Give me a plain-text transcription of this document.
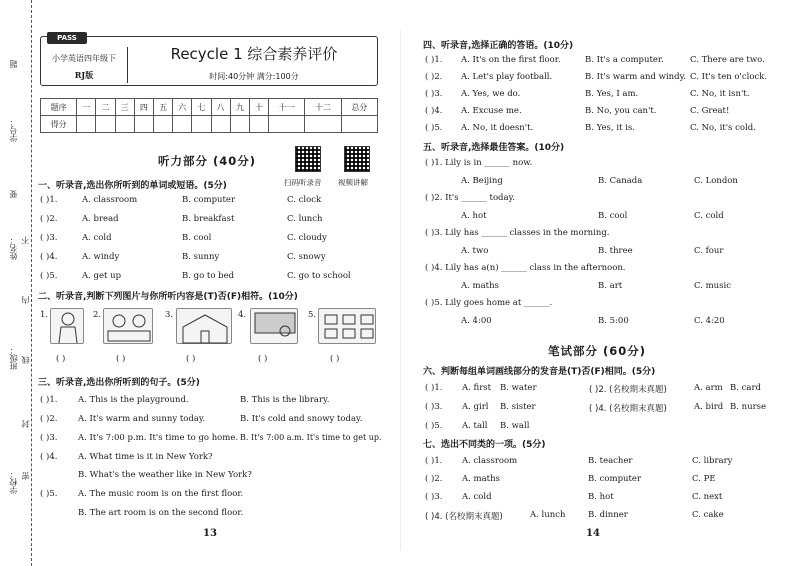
题
学号：
要
姓名： 不
内
班级： 线
封
学校： 密
PASS
小学英语四年级下
RJ版
Recycle 1 综合素养评价
时间:40分钟 满分:100分
题序	一	二	三	四	五	六	七	八	九	十	十一	十二	总分
得分													
听力部分 (40分)
扫码听录音 视频讲解
一、听录音,选出你所听到的单词或短语。(5分)
( )1.	A. classroom	B. computer	C. clock
( )2.	A. bread	B. breakfast	C. lunch
( )3.	A. cold	B. cool	C. cloudy
( )4.	A. windy	B. sunny	C. snowy
( )5.	A. get up	B. go to bed	C. go to school
二、听录音,判断下列图片与你所听内容是(T)否(F)相符。(10分)
1.	2.	3.	4.	5.
( )	( )	( )	( )	( )
三、听录音,选出你所听到的句子。(5分)
( )1. A. This is the playground.	B. This is the library.
( )2. A. It's warm and sunny today.	B. It's cold and snowy today.
( )3. A. It's 7:00 p.m. It's time to go home. B. It's 7:00 a.m. It's time to get up.
( )4. A. What time is it in New York?
B. What's the weather like in New York?
( )5. A. The music room is on the first floor.
B. The art room is on the second floor.
13
四、听录音,选择正确的答语。(10分)
( )1. A. It's on the first floor.	B. It's a computer.	C. There are two.
( )2. A. Let's play football.	B. It's warm and windy. C. It's ten o'clock.
( )3. A. Yes, we do.	B. Yes, I am.	C. No, it isn't.
( )4. A. Excuse me.	B. No, you can't.	C. Great!
( )5. A. No, it doesn't.	B. Yes, it is.	C. No, it's cold.
五、听录音,选择最佳答案。(10分)
( )1. Lily is in ______ now.
A. Beijing	B. Canada	C. London
( )2. It's ______ today.
A. hot	B. cool	C. cold
( )3. Lily has ______ classes in the morning.
A. two	B. three	C. four
( )4. Lily has a(n) ______ class in the afternoon.
A. maths	B. art	C. music
( )5. Lily goes home at ______.
A. 4:00	B. 5:00	C. 4:20
笔试部分 (60分)
六、判断每组单词画线部分的发音是(T)否(F)相同。(5分)
( )1. A. first B. water	( )2. (名校期末真题)	A. arm B. card
( )3. A. girl B. sister	( )4. (名校期末真题)	A. bird B. nurse
( )5. A. tall B. wall
七、选出不同类的一项。(5分)
( )1. A. classroom	B. teacher	C. library
( )2. A. maths	B. computer	C. PE
( )3. A. cold	B. hot	C. next
( )4. (名校期末真题)	A. lunch	B. dinner	C. cake
14
